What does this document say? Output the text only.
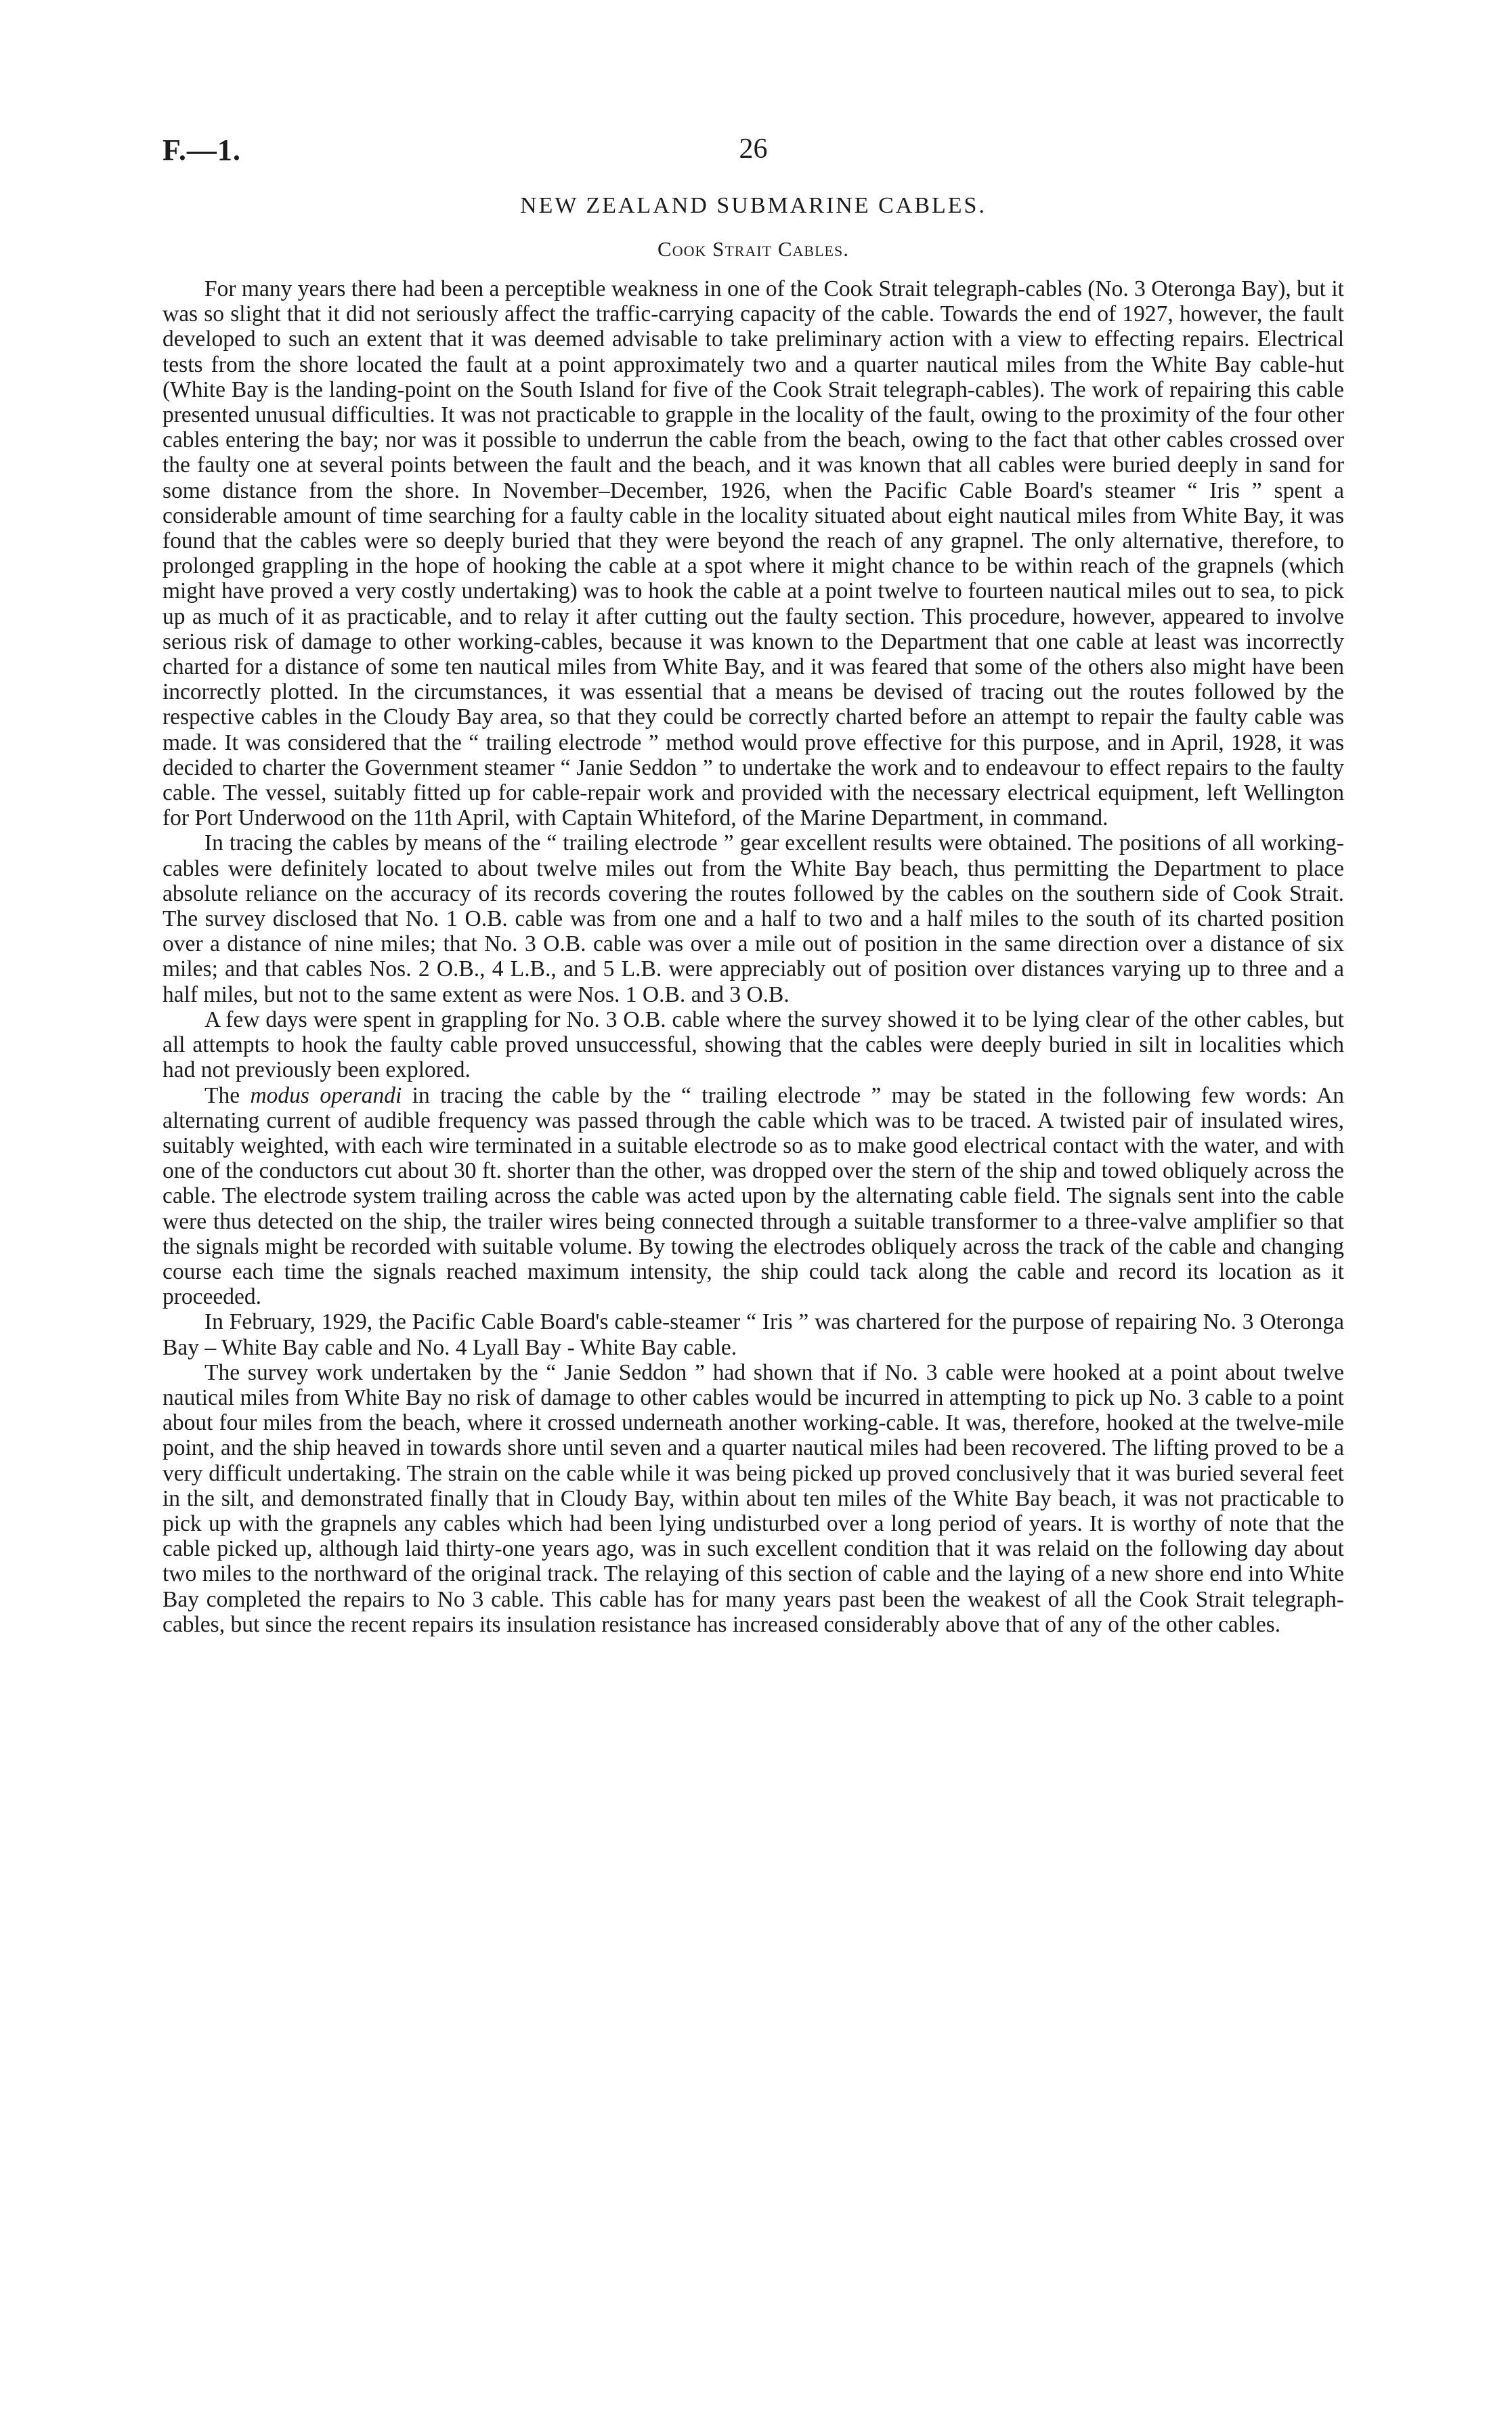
F.—1.	26
NEW ZEALAND SUBMARINE CABLES.
Cook Strait Cables.

For many years there had been a perceptible weakness in one of the Cook Strait telegraph-cables (No. 3 Oteronga Bay), but it was so slight that it did not seriously affect the traffic-carrying capacity of the cable. Towards the end of 1927, however, the fault developed to such an extent that it was deemed advisable to take preliminary action with a view to effecting repairs. Electrical tests from the shore located the fault at a point approximately two and a quarter nautical miles from the White Bay cable-hut (White Bay is the landing-point on the South Island for five of the Cook Strait telegraph-cables). The work of repairing this cable presented unusual difficulties. It was not practicable to grapple in the locality of the fault, owing to the proximity of the four other cables entering the bay; nor was it possible to underrun the cable from the beach, owing to the fact that other cables crossed over the faulty one at several points between the fault and the beach, and it was known that all cables were buried deeply in sand for some distance from the shore. In November–December, 1926, when the Pacific Cable Board's steamer “ Iris ” spent a considerable amount of time searching for a faulty cable in the locality situated about eight nautical miles from White Bay, it was found that the cables were so deeply buried that they were beyond the reach of any grapnel. The only alternative, therefore, to prolonged grappling in the hope of hooking the cable at a spot where it might chance to be within reach of the grapnels (which might have proved a very costly undertaking) was to hook the cable at a point twelve to fourteen nautical miles out to sea, to pick up as much of it as practicable, and to relay it after cutting out the faulty section. This procedure, however, appeared to involve serious risk of damage to other working-cables, because it was known to the Department that one cable at least was incorrectly charted for a distance of some ten nautical miles from White Bay, and it was feared that some of the others also might have been incorrectly plotted. In the circumstances, it was essential that a means be devised of tracing out the routes followed by the respective cables in the Cloudy Bay area, so that they could be correctly charted before an attempt to repair the faulty cable was made. It was considered that the “ trailing electrode ” method would prove effective for this purpose, and in April, 1928, it was decided to charter the Government steamer “ Janie Seddon ” to undertake the work and to endeavour to effect repairs to the faulty cable. The vessel, suitably fitted up for cable-repair work and provided with the necessary electrical equipment, left Wellington for Port Underwood on the 11th April, with Captain Whiteford, of the Marine Department, in command.

In tracing the cables by means of the “ trailing electrode ” gear excellent results were obtained. The positions of all working-cables were definitely located to about twelve miles out from the White Bay beach, thus permitting the Department to place absolute reliance on the accuracy of its records covering the routes followed by the cables on the southern side of Cook Strait. The survey disclosed that No. 1 O.B. cable was from one and a half to two and a half miles to the south of its charted position over a distance of nine miles; that No. 3 O.B. cable was over a mile out of position in the same direction over a distance of six miles; and that cables Nos. 2 O.B., 4 L.B., and 5 L.B. were appreciably out of position over distances varying up to three and a half miles, but not to the same extent as were Nos. 1 O.B. and 3 O.B.

A few days were spent in grappling for No. 3 O.B. cable where the survey showed it to be lying clear of the other cables, but all attempts to hook the faulty cable proved unsuccessful, showing that the cables were deeply buried in silt in localities which had not previously been explored.

The modus operandi in tracing the cable by the “ trailing electrode ” may be stated in the following few words: An alternating current of audible frequency was passed through the cable which was to be traced. A twisted pair of insulated wires, suitably weighted, with each wire terminated in a suitable electrode so as to make good electrical contact with the water, and with one of the conductors cut about 30 ft. shorter than the other, was dropped over the stern of the ship and towed obliquely across the cable. The electrode system trailing across the cable was acted upon by the alternating cable field. The signals sent into the cable were thus detected on the ship, the trailer wires being connected through a suitable transformer to a three-valve amplifier so that the signals might be recorded with suitable volume. By towing the electrodes obliquely across the track of the cable and changing course each time the signals reached maximum intensity, the ship could tack along the cable and record its location as it proceeded.

In February, 1929, the Pacific Cable Board's cable-steamer “ Iris ” was chartered for the purpose of repairing No. 3 Oteronga Bay – White Bay cable and No. 4 Lyall Bay - White Bay cable.

The survey work undertaken by the “ Janie Seddon ” had shown that if No. 3 cable were hooked at a point about twelve nautical miles from White Bay no risk of damage to other cables would be incurred in attempting to pick up No. 3 cable to a point about four miles from the beach, where it crossed underneath another working-cable. It was, therefore, hooked at the twelve-mile point, and the ship heaved in towards shore until seven and a quarter nautical miles had been recovered. The lifting proved to be a very difficult undertaking. The strain on the cable while it was being picked up proved conclusively that it was buried several feet in the silt, and demonstrated finally that in Cloudy Bay, within about ten miles of the White Bay beach, it was not practicable to pick up with the grapnels any cables which had been lying undisturbed over a long period of years. It is worthy of note that the cable picked up, although laid thirty-one years ago, was in such excellent condition that it was relaid on the following day about two miles to the northward of the original track. The relaying of this section of cable and the laying of a new shore end into White Bay completed the repairs to No 3 cable. This cable has for many years past been the weakest of all the Cook Strait telegraph-cables, but since the recent repairs its insulation resistance has increased considerably above that of any of the other cables.
